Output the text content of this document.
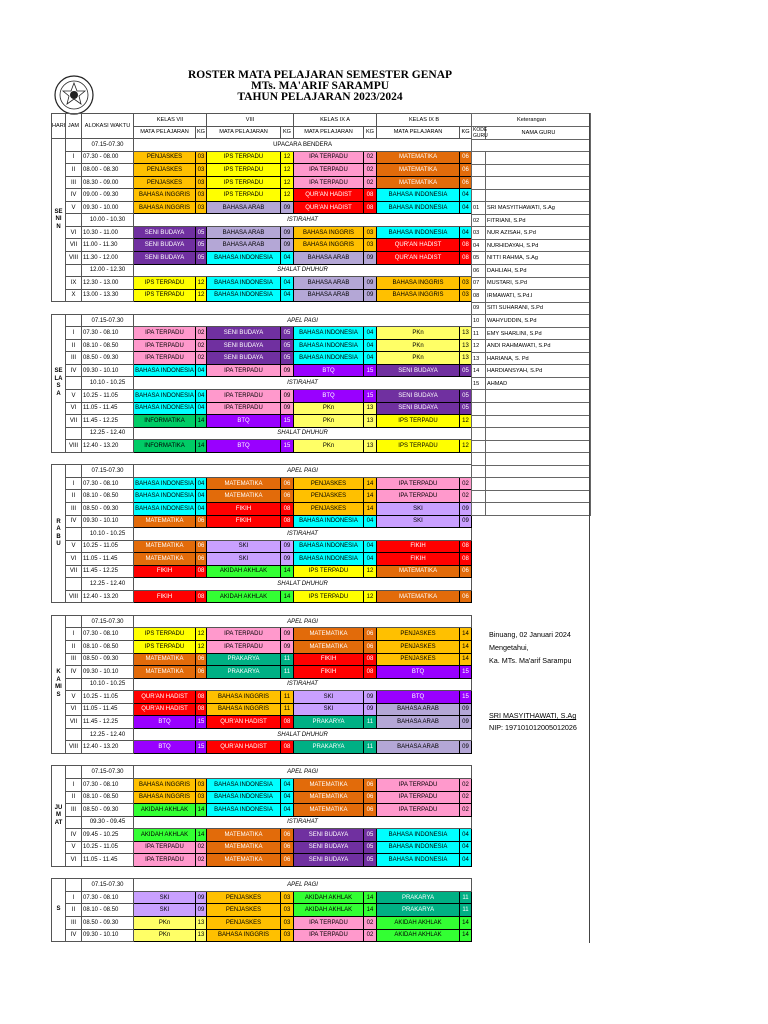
ROSTER MATA PELAJARAN SEMESTER GENAP
MTs. MA'ARIF SARAMPU
TAHUN PELAJARAN 2023/2024
HARI	JAM	ALOKASI WAKTU	KELAS VII		VIII		KELAS IX A		KELAS IX B	
			MATA PELAJARAN	KG	MATA PELAJARAN	KG	MATA PELAJARAN	KG	MATA PELAJARAN	KG
SENIN		07.15-07.30	UPACARA BENDERA							
	I	07.30 - 08.00	PENJASKES	03	IPS TERPADU	12	IPA TERPADU	02	MATEMATIKA	06
	II	08.00 - 08.30	PENJASKES	03	IPS TERPADU	12	IPA TERPADU	02	MATEMATIKA	06
	III	08.30 - 09.00	PENJASKES	03	IPS TERPADU	12	IPA TERPADU	02	MATEMATIKA	06
	IV	09.00 - 09.30	BAHASA INGGRIS	03	IPS TERPADU	12	QUR'AN HADIST	08	BAHASA INDONESIA	04
	V	09.30 - 10.00	BAHASA INGGRIS	03	BAHASA ARAB	09	QUR'AN HADIST	08	BAHASA INDONESIA	04
		10.00 - 10.30	ISTIRAHAT							
	VI	10.30 - 11.00	SENI BUDAYA	05	BAHASA ARAB	09	BAHASA INGGRIS	03	BAHASA INDONESIA	04
	VII	11.00 - 11.30	SENI BUDAYA	05	BAHASA ARAB	09	BAHASA INGGRIS	03	QUR'AN HADIST	08
	VIII	11.30 - 12.00	SENI BUDAYA	05	BAHASA INDONESIA	04	BAHASA ARAB	09	QUR'AN HADIST	08
		12.00 - 12.30	SHALAT DHUHUR							
	IX	12.30 - 13.00	IPS TERPADU	12	BAHASA INDONESIA	04	BAHASA ARAB	09	BAHASA INGGRIS	03
	X	13.00 - 13.30	IPS TERPADU	12	BAHASA INDONESIA	04	BAHASA ARAB	09	BAHASA INGGRIS	03

SELASA		07.15-07.30	APEL PAGI							
	I	07.30 - 08.10	IPA TERPADU	02	SENI BUDAYA	05	BAHASA INDONESIA	04	PKn	13
	II	08.10 - 08.50	IPA TERPADU	02	SENI BUDAYA	05	BAHASA INDONESIA	04	PKn	13
	III	08.50 - 09.30	IPA TERPADU	02	SENI BUDAYA	05	BAHASA INDONESIA	04	PKn	13
	IV	09.30 - 10.10	BAHASA INDONESIA	04	IPA TERPADU	09	BTQ	15	SENI BUDAYA	05
		10.10 - 10.25	ISTIRAHAT							
	V	10.25 - 11.05	BAHASA INDONESIA	04	IPA TERPADU	09	BTQ	15	SENI BUDAYA	05
	VI	11.05 - 11.45	BAHASA INDONESIA	04	IPA TERPADU	09	PKn	13	SENI BUDAYA	05
	VII	11.45 - 12.25	INFORMATIKA	14	BTQ	15	PKn	13	IPS TERPADU	12
		12.25 - 12.40	SHALAT DHUHUR							
	VIII	12.40 - 13.20	INFORMATIKA	14	BTQ	15	PKn	13	IPS TERPADU	12

RABU		07.15-07.30	APEL PAGI							
	I	07.30 - 08.10	BAHASA INDONESIA	04	MATEMATIKA	06	PENJASKES	14	IPA TERPADU	02
	II	08.10 - 08.50	BAHASA INDONESIA	04	MATEMATIKA	06	PENJASKES	14	IPA TERPADU	02
	III	08.50 - 09.30	BAHASA INDONESIA	04	FIKIH	08	PENJASKES	14	SKI	09
	IV	09.30 - 10.10	MATEMATIKA	06	FIKIH	08	BAHASA INDONESIA	04	SKI	09
		10.10 - 10.25	ISTIRAHAT							
	V	10.25 - 11.05	MATEMATIKA	06	SKI	09	BAHASA INDONESIA	04	FIKIH	08
	VI	11.05 - 11.45	MATEMATIKA	06	SKI	09	BAHASA INDONESIA	04	FIKIH	08
	VII	11.45 - 12.25	FIKIH	08	AKIDAH AKHLAK	14	IPS TERPADU	12	MATEMATIKA	06
		12.25 - 12.40	SHALAT DHUHUR							
	VIII	12.40 - 13.20	FIKIH	08	AKIDAH AKHLAK	14	IPS TERPADU	12	MATEMATIKA	06

KAMIS		07.15-07.30	APEL PAGI							
	I	07.30 - 08.10	IPS TERPADU	12	IPA TERPADU	09	MATEMATIKA	06	PENJASKES	14
	II	08.10 - 08.50	IPS TERPADU	12	IPA TERPADU	09	MATEMATIKA	06	PENJASKES	14
	III	08.50 - 09.30	MATEMATIKA	06	PRAKARYA	11	FIKIH	08	PENJASKES	14
	IV	09.30 - 10.10	MATEMATIKA	06	PRAKARYA	11	FIKIH	08	BTQ	15
		10.10 - 10.25	ISTIRAHAT							
	V	10.25 - 11.05	QUR'AN HADIST	08	BAHASA INGGRIS	11	SKI	09	BTQ	15
	VI	11.05 - 11.45	QUR'AN HADIST	08	BAHASA INGGRIS	11	SKI	09	BAHASA ARAB	09
	VII	11.45 - 12.25	BTQ	15	QUR'AN HADIST	08	PRAKARYA	11	BAHASA ARAB	09
		12.25 - 12.40	SHALAT DHUHUR							
	VIII	12.40 - 13.20	BTQ	15	QUR'AN HADIST	08	PRAKARYA	11	BAHASA ARAB	09

JUMAT		07.15-07.30	APEL PAGI							
	I	07.30 - 08.10	BAHASA INGGRIS	03	BAHASA INDONESIA	04	MATEMATIKA	06	IPA TERPADU	02
	II	08.10 - 08.50	BAHASA INGGRIS	03	BAHASA INDONESIA	04	MATEMATIKA	06	IPA TERPADU	02
	III	08.50 - 09.30	AKIDAH AKHLAK	14	BAHASA INDONESIA	04	MATEMATIKA	06	IPA TERPADU	02
		09.30 - 09.45	ISTIRAHAT							
	IV	09.45 - 10.25	AKIDAH AKHLAK	14	MATEMATIKA	06	SENI BUDAYA	05	BAHASA INDONESIA	04
	V	10.25 - 11.05	IPA TERPADU	02	MATEMATIKA	06	SENI BUDAYA	05	BAHASA INDONESIA	04
	VI	11.05 - 11.45	IPA TERPADU	02	MATEMATIKA	06	SENI BUDAYA	05	BAHASA INDONESIA	04

S		07.15-07.30	APEL PAGI							
	I	07.30 - 08.10	SKI	09	PENJASKES	03	AKIDAH AKHLAK	14	PRAKARYA	11
	II	08.10 - 08.50	SKI	09	PENJASKES	03	AKIDAH AKHLAK	14	PRAKARYA	11
	III	08.50 - 09.30	PKn	13	PENJASKES	03	IPA TERPADU	02	AKIDAH AKHLAK	14
	IV	09.30 - 10.10	PKn	13	BAHASA INGGRIS	03	IPA TERPADU	02	AKIDAH AKHLAK	14
Keterangan	
KODE GURU	NAMA GURU

01	SRI MASYITHAWATI, S.Ag
02	FITRIANI, S.Pd
03	NUR AZISAH, S.Pd
04	NURHIDAYAH, S.Pd
05	NITTI RAHMA, S.Ag
06	DAHLIAH, S.Pd
07	MUSTARI, S.Pd
08	IRMAWATI, S.Pd.I
09	SITI SUHARANI, S.Pd
10	WAHYUDDIN, S.Pd
11	EMY SHARLINI, S.Pd
12	ANDI RAHMAWATI, S.Pd
13	HARIANA, S. Pd
14	HARDIANSYAH, S.Pd
15	AHMAD

Binuang, 02 Januari 2024
Mengetahui,
Ka. MTs. Ma'arif Sarampu
SRI MASYITHAWATI, S.Ag
NIP: 197101012005012026
